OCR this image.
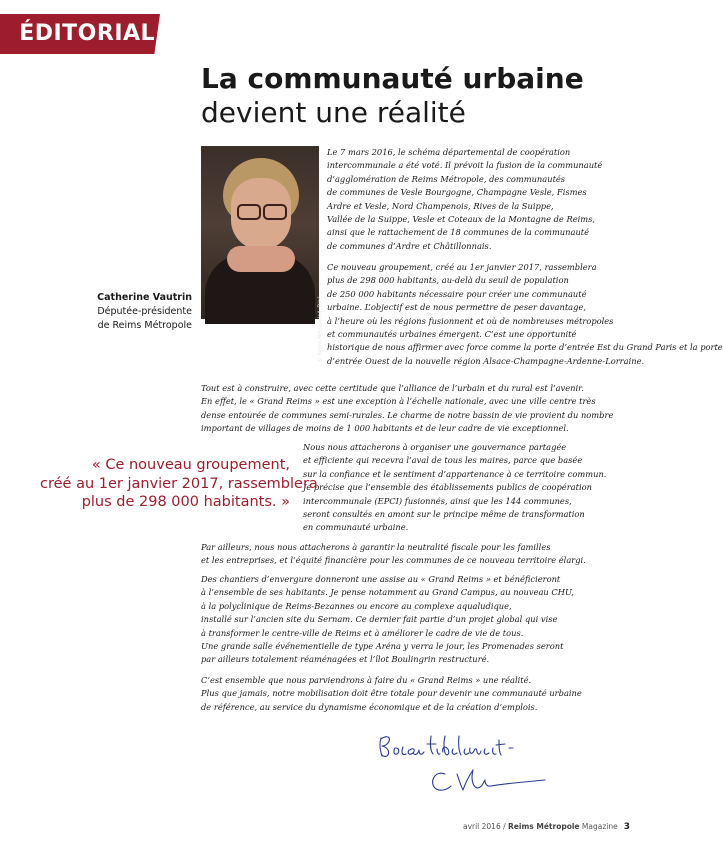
ÉDITORIAL
La communauté urbaine
devient une réalité
© Reims Métropole/J. Diné
Catherine Vautrin
Députée-présidente
de Reims Métropole
Le 7 mars 2016, le schéma départemental de coopération
intercommunale a été voté. Il prévoit la fusion de la communauté
d’agglomération de Reims Métropole, des communautés
de communes de Vesle Bourgogne, Champagne Vesle, Fismes
Ardre et Vesle, Nord Champenois, Rives de la Suippe,
Vallée de la Suippe, Vesle et Coteaux de la Montagne de Reims,
ainsi que le rattachement de 18 communes de la communauté
de communes d’Ardre et Châtillonnais.
Ce nouveau groupement, créé au 1er janvier 2017, rassemblera
plus de 298 000 habitants, au-delà du seuil de population
de 250 000 habitants nécessaire pour créer une communauté
urbaine. L’objectif est de nous permettre de peser davantage,
à l’heure où les régions fusionnent et où de nombreuses métropoles
et communautés urbaines émergent. C’est une opportunité
historique de nous affirmer avec force comme la porte d’entrée Est du Grand Paris et la porte
d’entrée Ouest de la nouvelle région Alsace-Champagne-Ardenne-Lorraine.
Tout est à construire, avec cette certitude que l’alliance de l’urbain et du rural est l’avenir.
En effet, le « Grand Reims » est une exception à l’échelle nationale, avec une ville centre très
dense entourée de communes semi-rurales. Le charme de notre bassin de vie provient du nombre
important de villages de moins de 1 000 habitants et de leur cadre de vie exceptionnel.
Nous nous attacherons à organiser une gouvernance partagée
et efficiente qui recevra l’aval de tous les maires, parce que basée
sur la confiance et le sentiment d’appartenance à ce territoire commun.
Je précise que l’ensemble des établissements publics de coopération
intercommunale (EPCI) fusionnés, ainsi que les 144 communes,
seront consultés en amont sur le principe même de transformation
en communauté urbaine.
Par ailleurs, nous nous attacherons à garantir la neutralité fiscale pour les familles
et les entreprises, et l’équité financière pour les communes de ce nouveau territoire élargi.
Des chantiers d’envergure donneront une assise au « Grand Reims » et bénéficieront
à l’ensemble de ses habitants. Je pense notamment au Grand Campus, au nouveau CHU,
à la polyclinique de Reims-Bezannes ou encore au complexe aqualudique,
installé sur l’ancien site du Sernam. Ce dernier fait partie d’un projet global qui vise
à transformer le centre-ville de Reims et à améliorer le cadre de vie de tous.
Une grande salle événementielle de type Aréna y verra le jour, les Promenades seront
par ailleurs totalement réaménagées et l’îlot Boulingrin restructuré.
C’est ensemble que nous parviendrons à faire du « Grand Reims » une réalité.
Plus que jamais, notre mobilisation doit être totale pour devenir une communauté urbaine
de référence, au service du dynamisme économique et de la création d’emplois.
« Ce nouveau groupement,
créé au 1er janvier 2017, rassemblera
plus de 298 000 habitants. »
avril 2016 / Reims Métropole Magazine 3
